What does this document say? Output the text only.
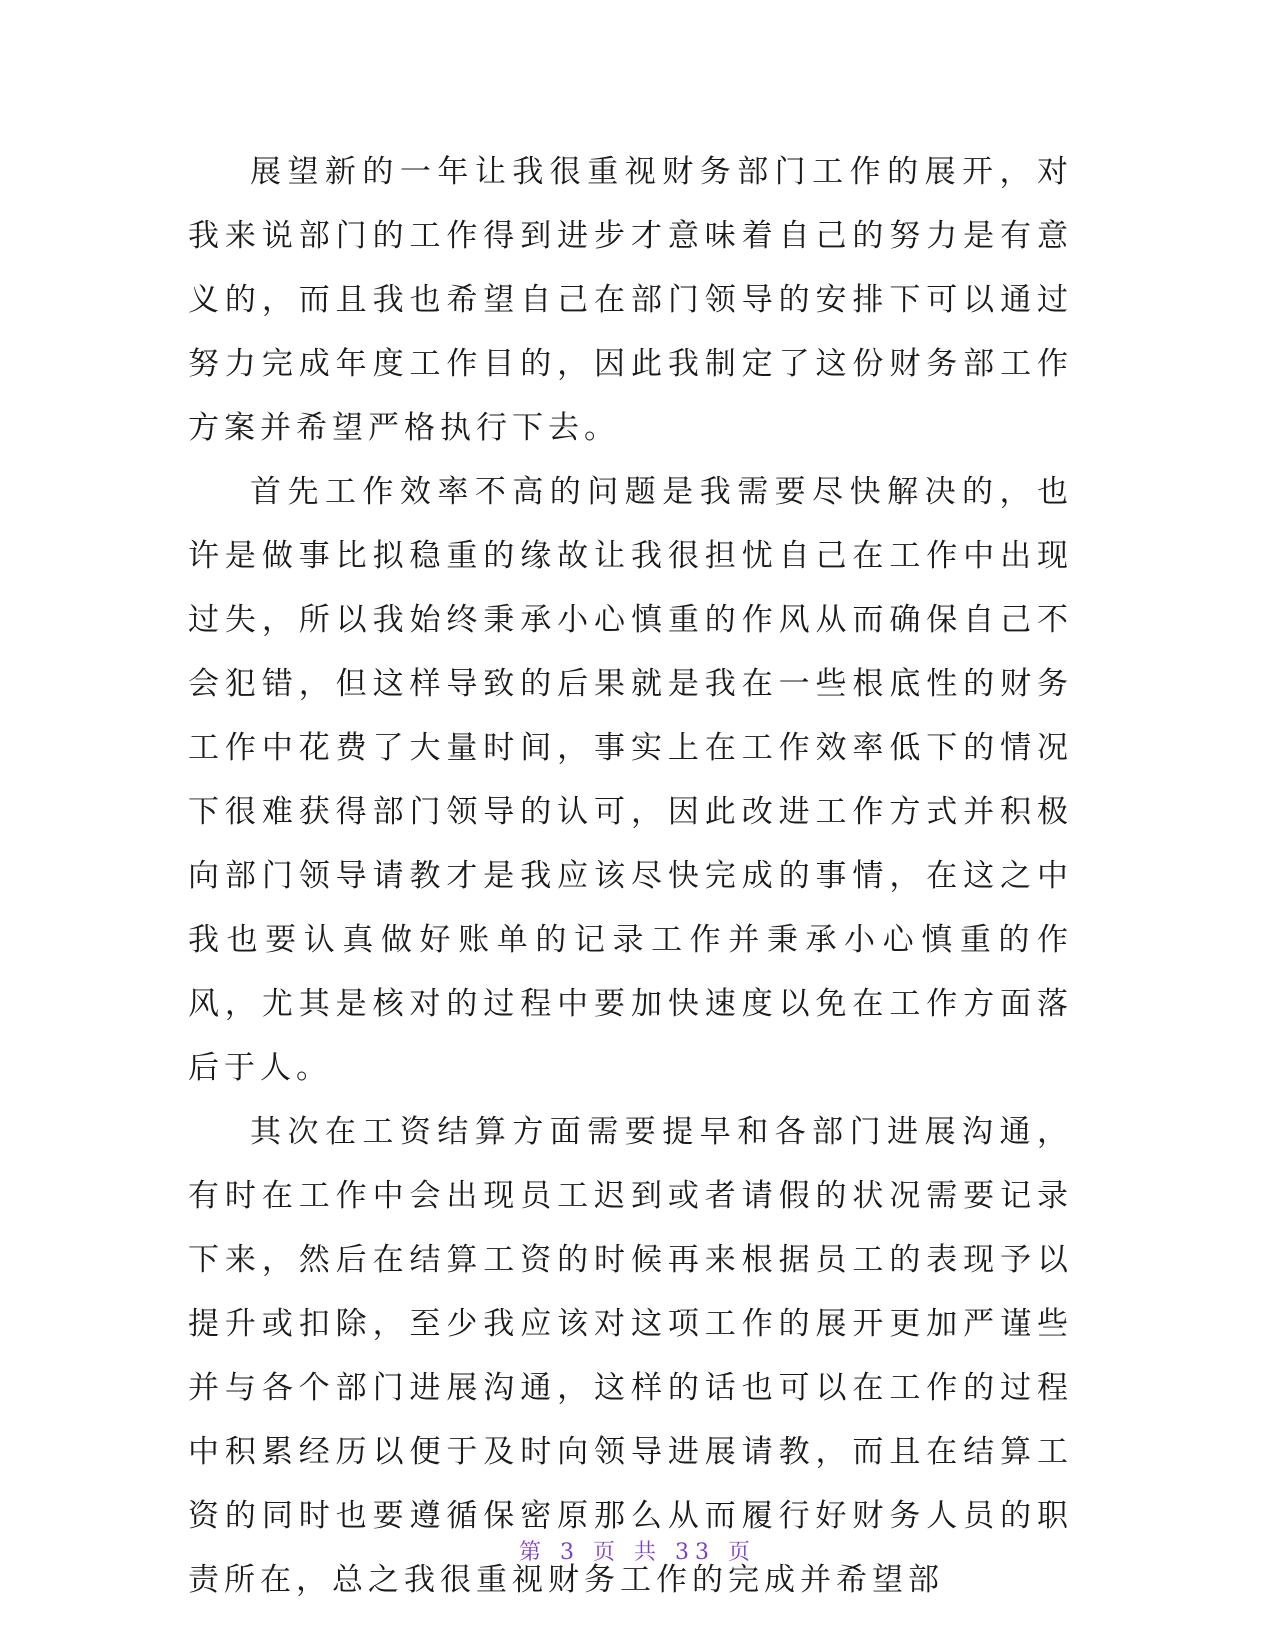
展望新的一年让我很重视财务部门工作的展开，对我来说部门的工作得到进步才意味着自己的努力是有意义的，而且我也希望自己在部门领导的安排下可以通过努力完成年度工作目的，因此我制定了这份财务部工作方案并希望严格执行下去。

首先工作效率不高的问题是我需要尽快解决的，也许是做事比拟稳重的缘故让我很担忧自己在工作中出现过失，所以我始终秉承小心慎重的作风从而确保自己不会犯错，但这样导致的后果就是我在一些根底性的财务工作中花费了大量时间，事实上在工作效率低下的情况下很难获得部门领导的认可，因此改进工作方式并积极向部门领导请教才是我应该尽快完成的事情，在这之中我也要认真做好账单的记录工作并秉承小心慎重的作风，尤其是核对的过程中要加快速度以免在工作方面落后于人。

其次在工资结算方面需要提早和各部门进展沟通，有时在工作中会出现员工迟到或者请假的状况需要记录下来，然后在结算工资的时候再来根据员工的表现予以提升或扣除，至少我应该对这项工作的展开更加严谨些并与各个部门进展沟通，这样的话也可以在工作的过程中积累经历以便于及时向领导进展请教，而且在结算工资的同时也要遵循保密原那么从而履行好财务人员的职责所在，总之我很重视财务工作的完成并希望部

第 3 页 共 33 页
